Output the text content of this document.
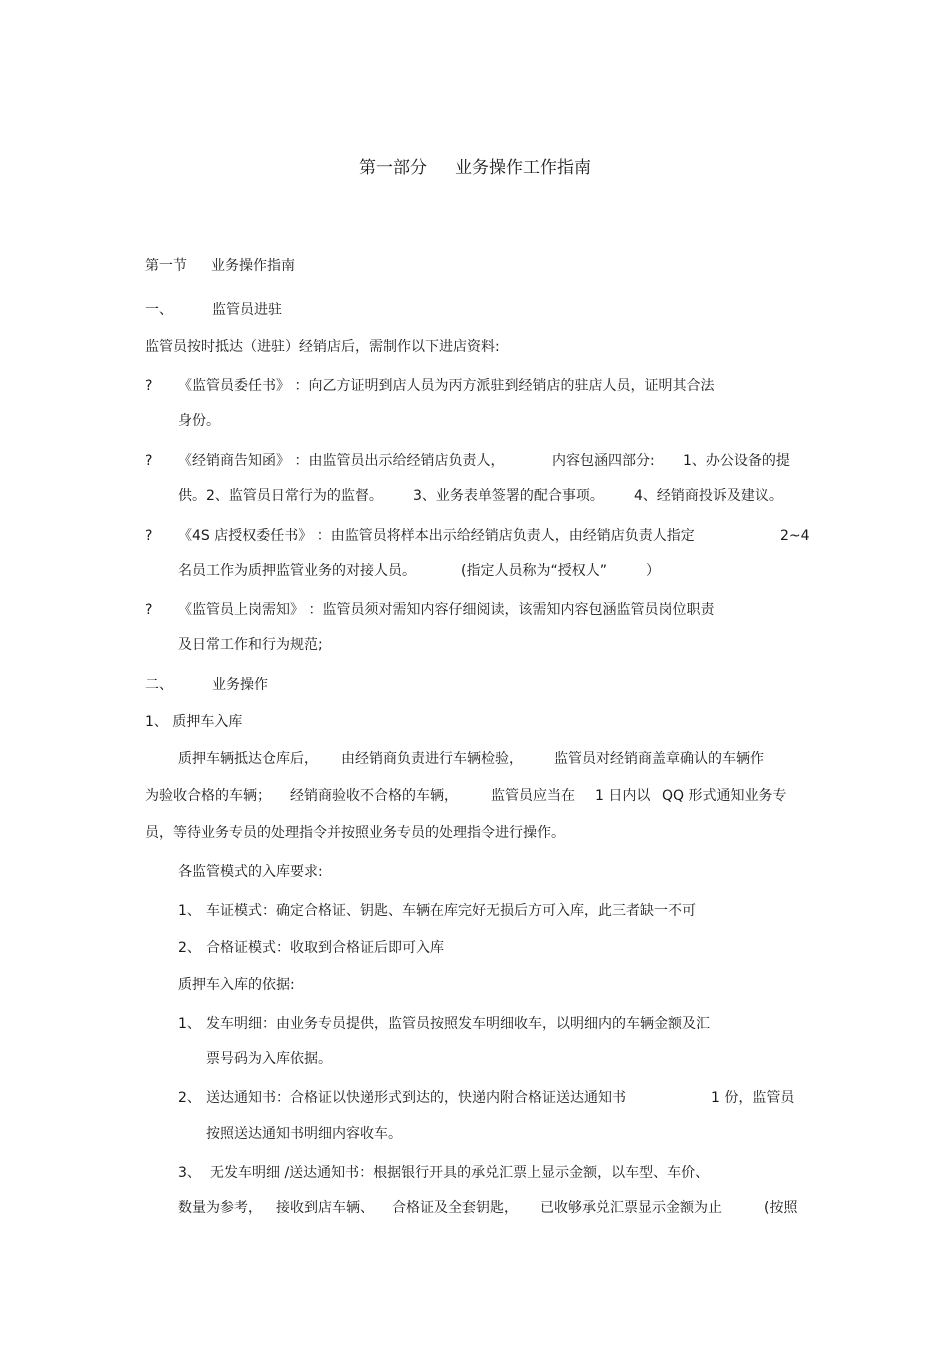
第一部分 业务操作工作指南
第一节 业务操作指南
一、	监管员进驻
监管员按时抵达（进驻）经销店后，需制作以下进店资料:
? 《监管员委任书》 ：向乙方证明到店人员为丙方派驻到经销店的驻店人员，证明其合法
身份。
? 《经销商告知函》 ：由监管员出示给经销店负责人，	内容包涵四部分: 1、办公设备的提
供。2、监管员日常行为的监督。 3、业务表单签署的配合事项。 4、经销商投诉及建议。
? 《4S 店授权委任书》 ：由监管员将样本出示给经销店负责人，由经销店负责人指定	2~4
名员工作为质押监管业务的对接人员。	(指定人员称为“授权人”	）
? 《监管员上岗需知》 ：监管员须对需知内容仔细阅读，该需知内容包涵监管员岗位职责
及日常工作和行为规范;
二、	业务操作
1、 质押车入库
质押车辆抵达仓库后， 由经销商负责进行车辆检验， 监管员对经销商盖章确认的车辆作
为验收合格的车辆； 经销商验收不合格的车辆， 监管员应当在 1 日内以 QQ 形式通知业务专
员，等待业务专员的处理指令并按照业务专员的处理指令进行操作。
各监管模式的入库要求:
1、 车证模式：确定合格证、钥匙、车辆在库完好无损后方可入库，此三者缺一不可
2、 合格证模式：收取到合格证后即可入库
质押车入库的依据:
1、 发车明细：由业务专员提供，监管员按照发车明细收车，以明细内的车辆金额及汇
票号码为入库依据。
2、 送达通知书：合格证以快递形式到达的，快递内附合格证送达通知书	1 份，监管员
按照送达通知书明细内容收车。
3、 无发车明细 /送达通知书：根据银行开具的承兑汇票上显示金额，以车型、车价、
数量为参考， 接收到店车辆、 合格证及全套钥匙， 已收够承兑汇票显示金额为止	(按照
